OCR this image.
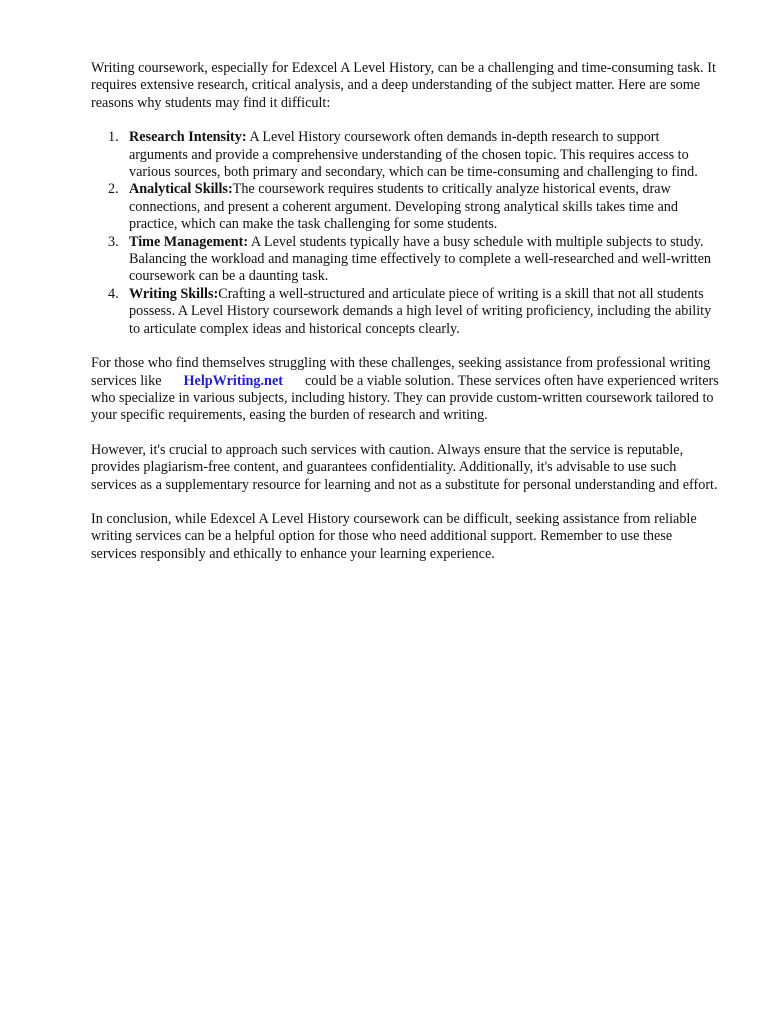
Writing coursework, especially for Edexcel A Level History, can be a challenging and time-consuming task. It requires extensive research, critical analysis, and a deep understanding of the subject matter. Here are some reasons why students may find it difficult:

1. Research Intensity: A Level History coursework often demands in-depth research to support arguments and provide a comprehensive understanding of the chosen topic. This requires access to various sources, both primary and secondary, which can be time-consuming and challenging to find.
2. Analytical Skills:The coursework requires students to critically analyze historical events, draw connections, and present a coherent argument. Developing strong analytical skills takes time and practice, which can make the task challenging for some students.
3. Time Management: A Level students typically have a busy schedule with multiple subjects to study. Balancing the workload and managing time effectively to complete a well-researched and well-written coursework can be a daunting task.
4. Writing Skills:Crafting a well-structured and articulate piece of writing is a skill that not all students possess. A Level History coursework demands a high level of writing proficiency, including the ability to articulate complex ideas and historical concepts clearly.

For those who find themselves struggling with these challenges, seeking assistance from professional writing services like HelpWriting.net could be a viable solution. These services often have experienced writers who specialize in various subjects, including history. They can provide custom-written coursework tailored to your specific requirements, easing the burden of research and writing.

However, it's crucial to approach such services with caution. Always ensure that the service is reputable, provides plagiarism-free content, and guarantees confidentiality. Additionally, it's advisable to use such services as a supplementary resource for learning and not as a substitute for personal understanding and effort.

In conclusion, while Edexcel A Level History coursework can be difficult, seeking assistance from reliable writing services can be a helpful option for those who need additional support. Remember to use these services responsibly and ethically to enhance your learning experience.
